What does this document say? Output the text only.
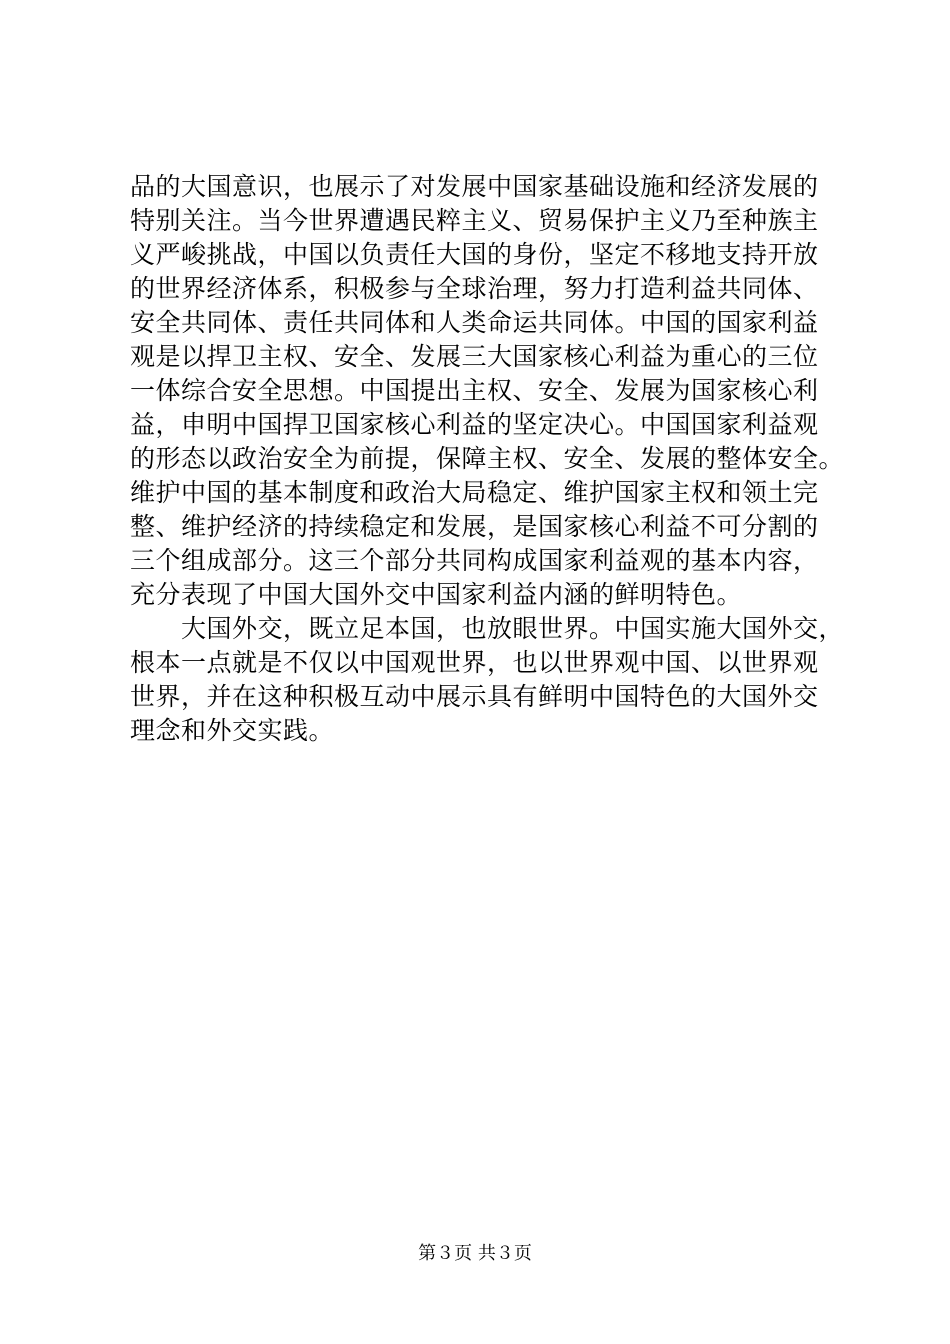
品的大国意识，也展示了对发展中国家基础设施和经济发展的
特别关注。当今世界遭遇民粹主义、贸易保护主义乃至种族主
义严峻挑战，中国以负责任大国的身份，坚定不移地支持开放
的世界经济体系，积极参与全球治理，努力打造利益共同体、
安全共同体、责任共同体和人类命运共同体。中国的国家利益
观是以捍卫主权、安全、发展三大国家核心利益为重心的三位
一体综合安全思想。中国提出主权、安全、发展为国家核心利
益，申明中国捍卫国家核心利益的坚定决心。中国国家利益观
的形态以政治安全为前提，保障主权、安全、发展的整体安全。
维护中国的基本制度和政治大局稳定、维护国家主权和领土完
整、维护经济的持续稳定和发展，是国家核心利益不可分割的
三个组成部分。这三个部分共同构成国家利益观的基本内容，
充分表现了中国大国外交中国家利益内涵的鲜明特色。
　　大国外交，既立足本国，也放眼世界。中国实施大国外交，
根本一点就是不仅以中国观世界，也以世界观中国、以世界观
世界，并在这种积极互动中展示具有鲜明中国特色的大国外交
理念和外交实践。
第３页 共３页
